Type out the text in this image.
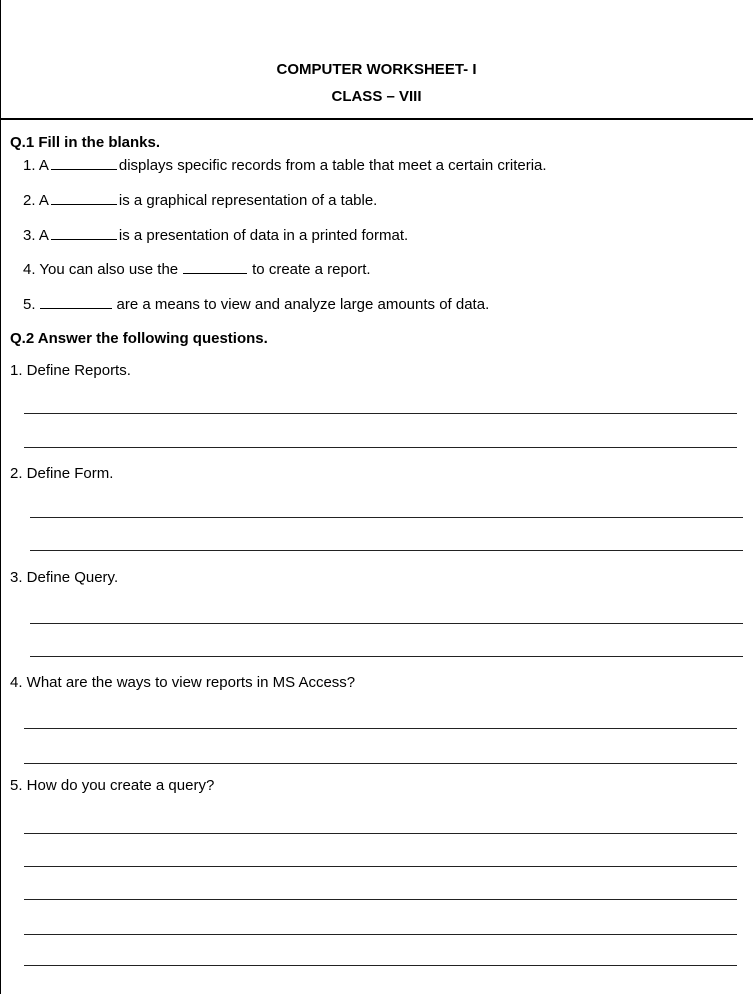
COMPUTER WORKSHEET- I
CLASS – VIII
Q.1 Fill in the blanks.
1. A	displays specific records from a table that meet a certain criteria.
2. A	is a graphical representation of a table.
3. A	is a presentation of data in a printed format.
4. You can also use the	to create a report.
5.	are a means to view and analyze large amounts of data.
Q.2 Answer the following questions.
1. Define Reports.
2. Define Form.
3. Define Query.
4. What are the ways to view reports in MS Access?
5. How do you create a query?
